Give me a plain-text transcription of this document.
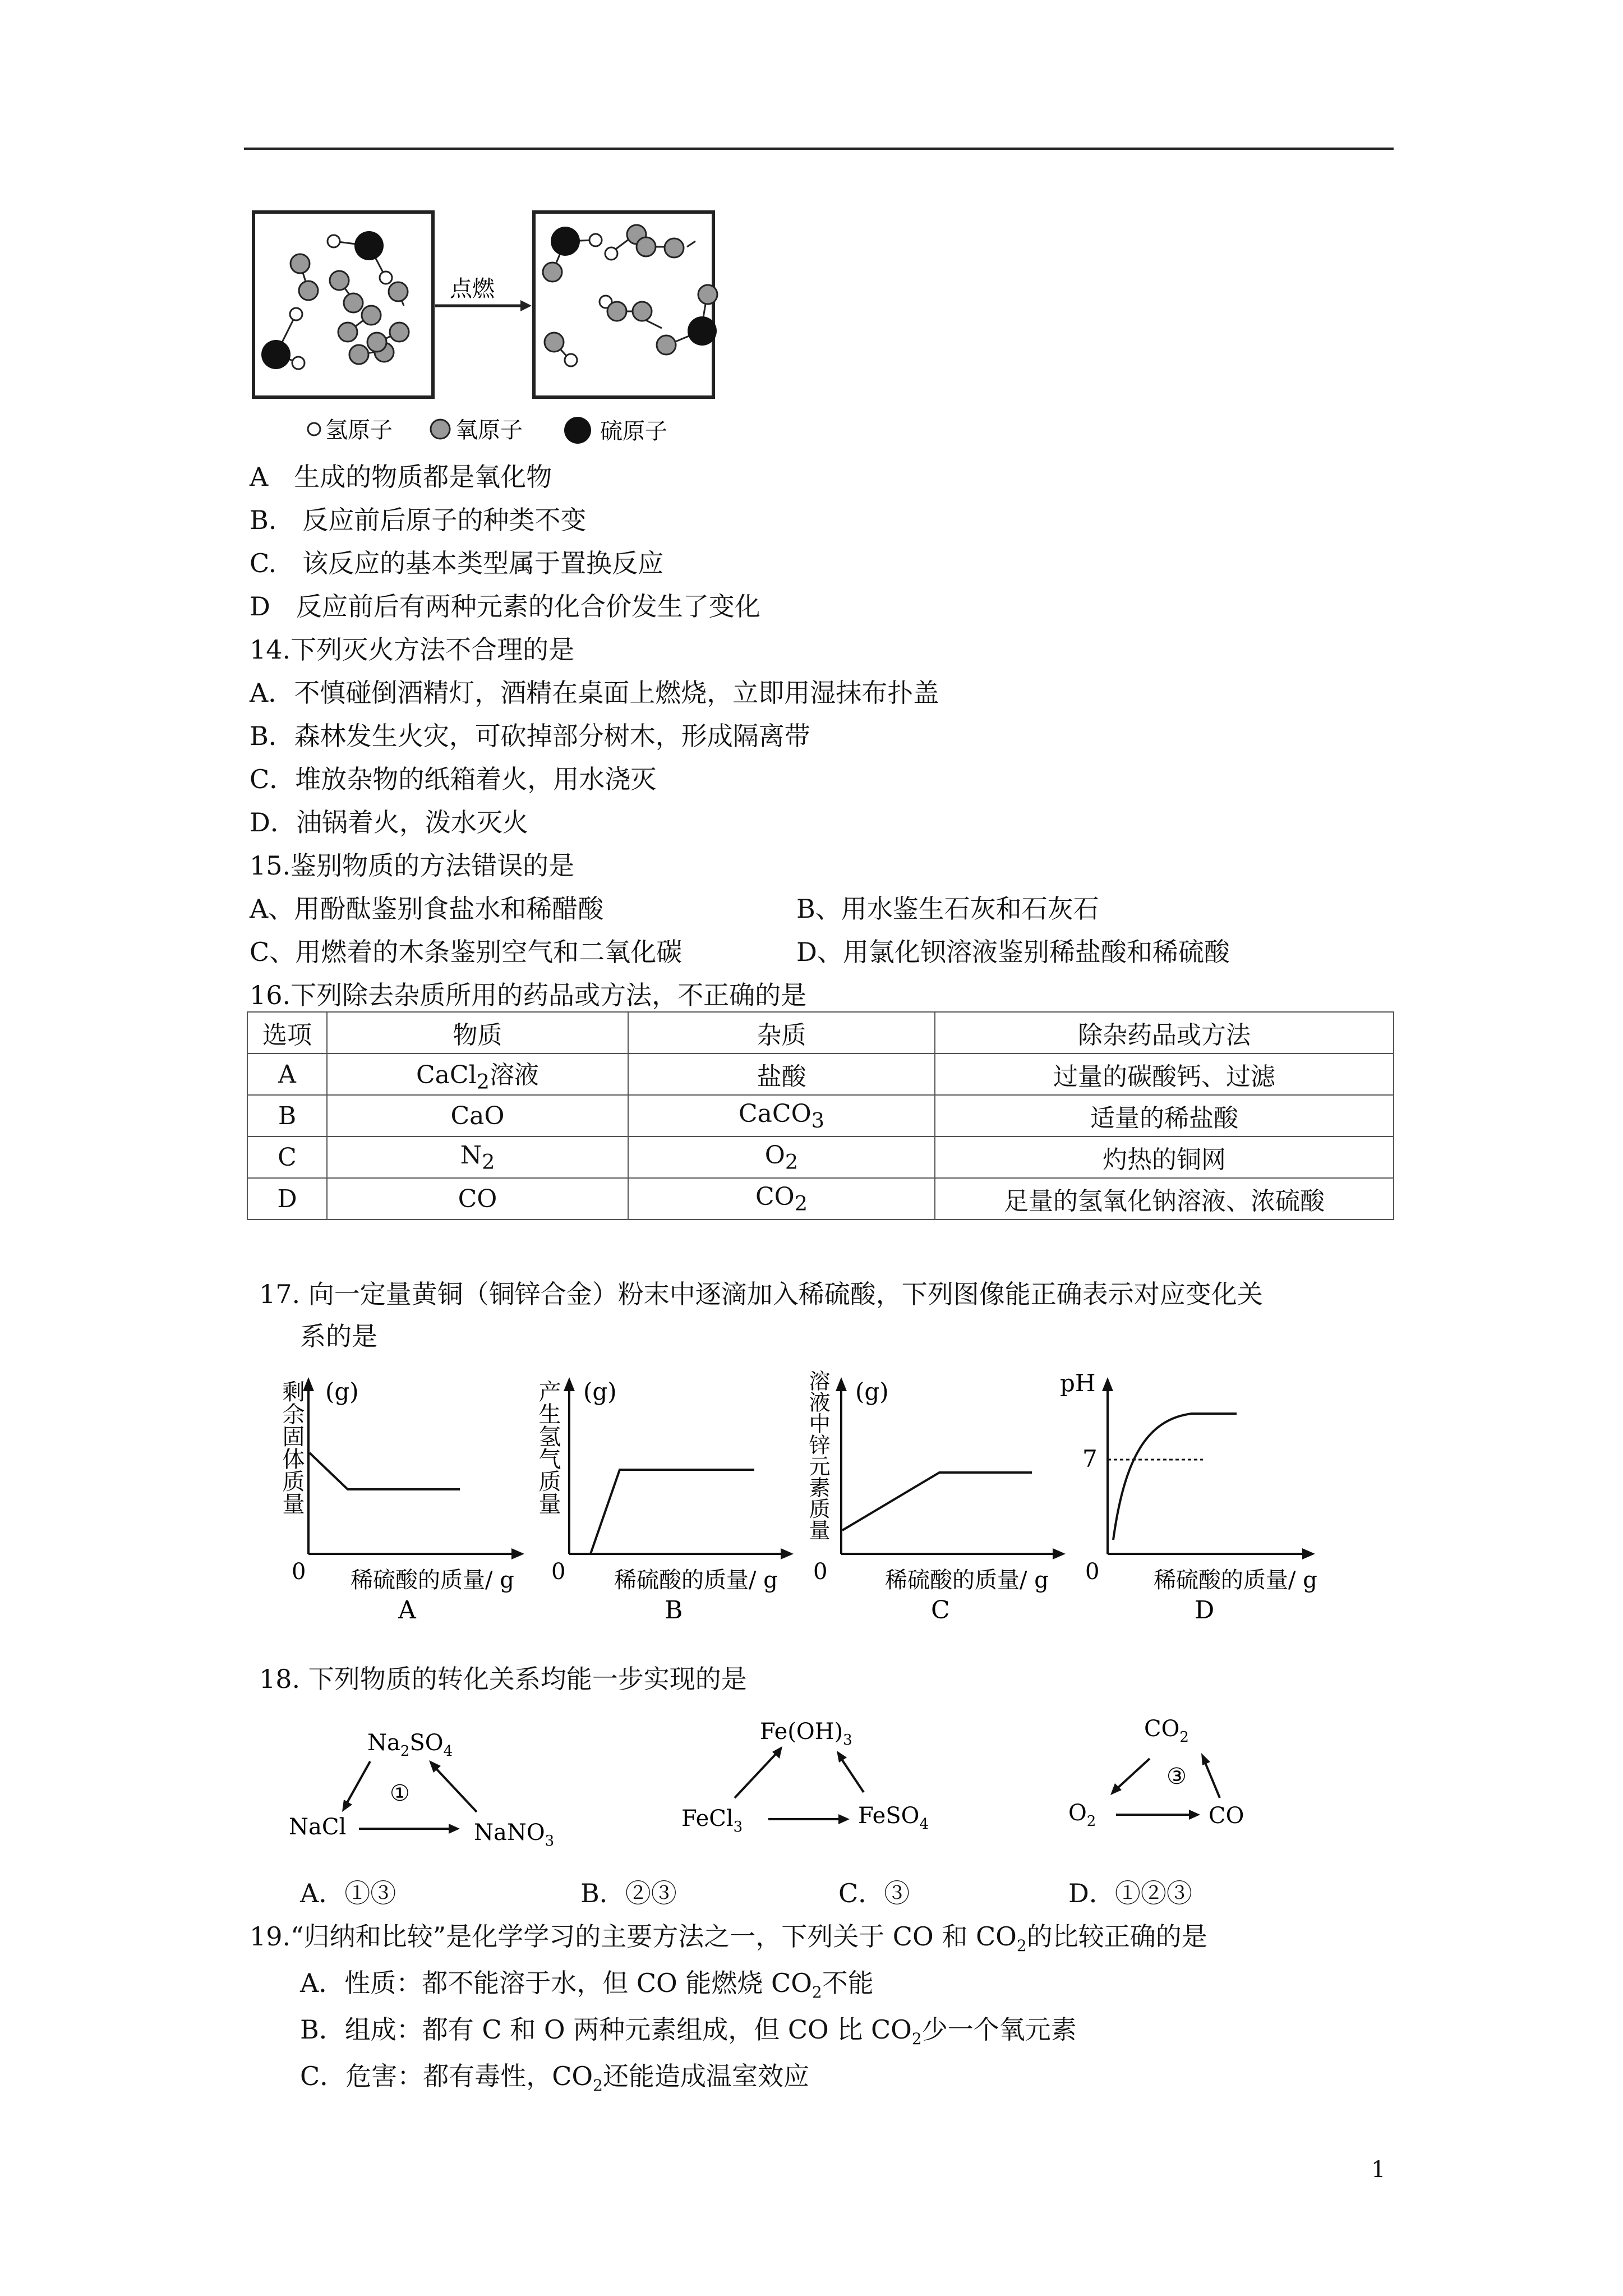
点燃
氢原子	氧原子	硫原子
A　生成的物质都是氧化物
B.　反应前后原子的种类不变
C.　该反应的基本类型属于置换反应
D　反应前后有两种元素的化合价发生了变化
14.下列灭火方法不合理的是
A．不慎碰倒酒精灯，酒精在桌面上燃烧，立即用湿抹布扑盖
B．森林发生火灾，可砍掉部分树木，形成隔离带
C．堆放杂物的纸箱着火，用水浇灭
D．油锅着火，泼水灭火
15.鉴别物质的方法错误的是
A、用酚酞鉴别食盐水和稀醋酸	B、用水鉴生石灰和石灰石
C、用燃着的木条鉴别空气和二氧化碳	D、用氯化钡溶液鉴别稀盐酸和稀硫酸
16.下列除去杂质所用的药品或方法，不正确的是
选项	物质	杂质	除杂药品或方法
A	CaCl$_2$溶液	盐酸	过量的碳酸钙、过滤
B	CaO	CaCO$_3$	适量的稀盐酸
C	$N_2$	$O_2$	灼热的铜网
D	CO	$CO_2$	足量的氢氧化钠溶液、浓硫酸
17. 向一定量黄铜（铜锌合金）粉末中逐滴加入稀硫酸，下列图像能正确表示对应变化关
系的是
(g)
剩余固体质量
0 稀硫酸的质量/ g
A
(g)
产生氢气质量
0 稀硫酸的质量/ g
B
(g)
溶液中锌元素质量
0	稀硫酸的质量/ g
C
pH
7
0 稀硫酸的质量/ g
D
18. 下列物质的转化关系均能一步实现的是
$Na_2SO_4$
NaCl	NaNO$_3$
①
$Fe(OH)_3$
FeCl$_3$	FeSO$_4$
$CO_2$
$O_2$	CO
③
A．①③	B．②③	C．③	D．①②③
19.“归纳和比较”是化学学习的主要方法之一，下列关于 CO 和 $CO_2$的比较正确的是
A．性质：都不能溶于水，但 CO 能燃烧 $CO_2$不能
B．组成：都有 C 和 O 两种元素组成，但 CO 比 $CO_2$少一个氧元素
C．危害：都有毒性，$CO_2$还能造成温室效应
1
